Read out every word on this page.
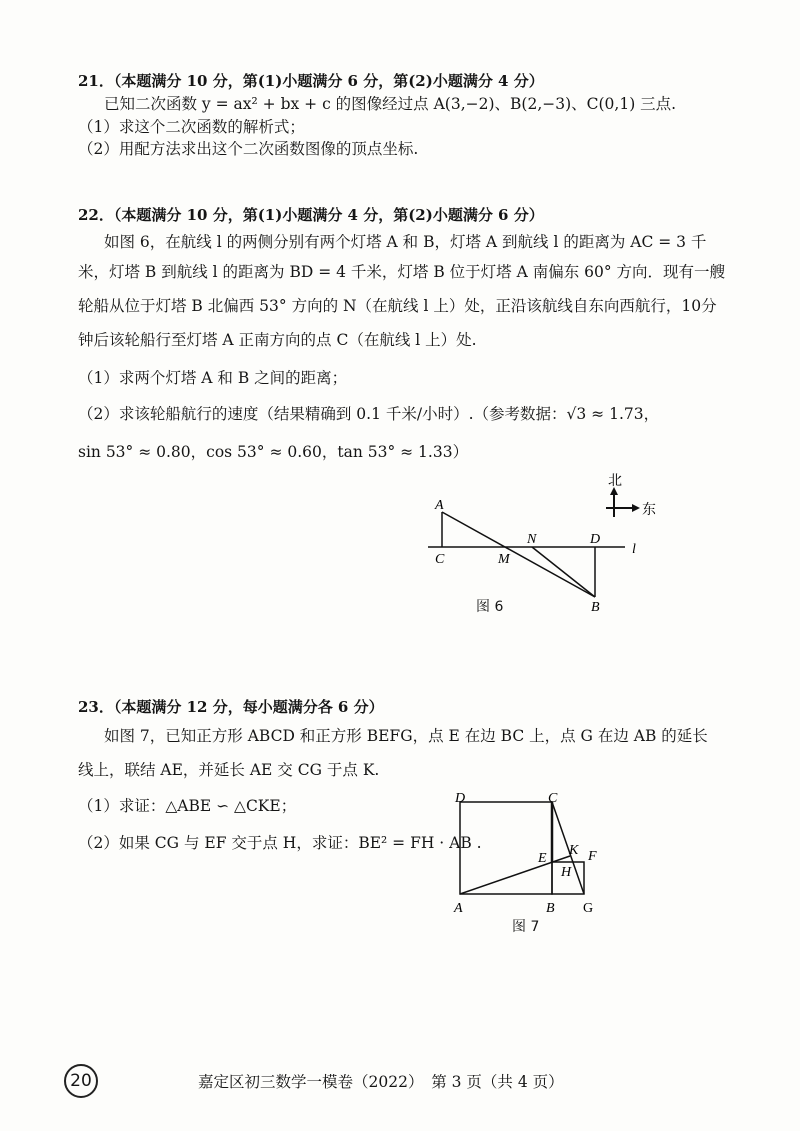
21．（本题满分 10 分，第(1)小题满分 6 分，第(2)小题满分 4 分）
已知二次函数 y = ax² + bx + c 的图像经过点 A(3,−2)、B(2,−3)、C(0,1) 三点.
（1）求这个二次函数的解析式；
（2）用配方法求出这个二次函数图像的顶点坐标.
22．（本题满分 10 分，第(1)小题满分 4 分，第(2)小题满分 6 分）
如图 6，在航线 l 的两侧分别有两个灯塔 A 和 B，灯塔 A 到航线 l 的距离为 AC = 3 千
米，灯塔 B 到航线 l 的距离为 BD = 4 千米，灯塔 B 位于灯塔 A 南偏东 60° 方向．现有一艘
轮船从位于灯塔 B 北偏西 53° 方向的 N（在航线 l 上）处，正沿该航线自东向西航行，10分
钟后该轮船行至灯塔 A 正南方向的点 C（在航线 l 上）处.
（1）求两个灯塔 A 和 B 之间的距离；
（2）求该轮船航行的速度（结果精确到 0.1 千米/小时）.（参考数据：√3 ≈ 1.73，
sin 53° ≈ 0.80，cos 53° ≈ 0.60，tan 53° ≈ 1.33）
北
东
A
C	M
N	D
B
l
图 6
23．（本题满分 12 分，每小题满分各 6 分）
如图 7，已知正方形 ABCD 和正方形 BEFG，点 E 在边 BC 上，点 G 在边 AB 的延长
线上，联结 AE，并延长 AE 交 CG 于点 K.
（1）求证：△ABE ∽ △CKE；
（2）如果 CG 与 EF 交于点 H，求证：BE² = FH · AB .
D	C
A	B G
E	F
H
K
图 7
20	嘉定区初三数学一模卷（2022）　第 3 页（共 4 页）
